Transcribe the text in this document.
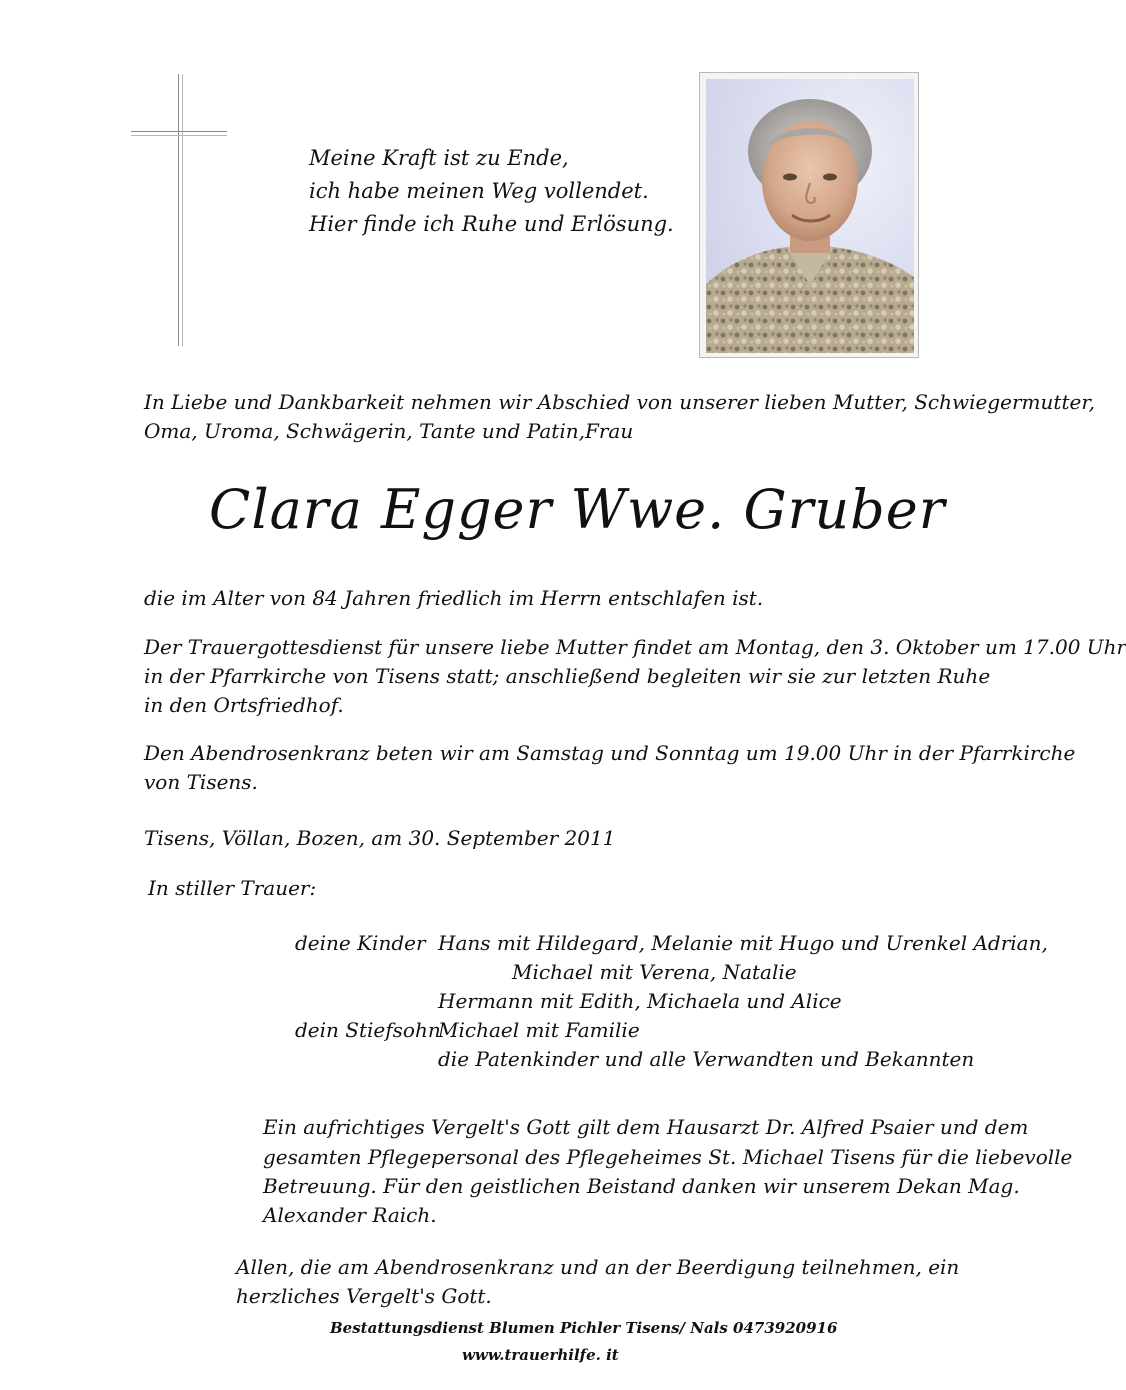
Meine Kraft ist zu Ende,
ich habe meinen Weg vollendet.
Hier finde ich Ruhe und Erlösung.
In Liebe und Dankbarkeit nehmen wir Abschied von unserer lieben Mutter, Schwiegermutter,
Oma, Uroma, Schwägerin, Tante und Patin,Frau
Clara Egger Wwe. Gruber
die im Alter von 84 Jahren friedlich im Herrn entschlafen ist.
Der Trauergottesdienst für unsere liebe Mutter findet am Montag, den 3. Oktober um 17.00 Uhr
in der Pfarrkirche von Tisens statt; anschließend begleiten wir sie zur letzten Ruhe
in den Ortsfriedhof.
Den Abendrosenkranz beten wir am Samstag und Sonntag um 19.00 Uhr in der Pfarrkirche
von Tisens.
Tisens, Völlan, Bozen, am 30. September 2011
In stiller Trauer:
deine Kinder Hans mit Hildegard, Melanie mit Hugo und Urenkel Adrian,
Michael mit Verena, Natalie
Hermann mit Edith, Michaela und Alice
dein Stiefsohn
Michael mit Familie
die Patenkinder und alle Verwandten und Bekannten
Ein aufrichtiges Vergelt's Gott gilt dem Hausarzt Dr. Alfred Psaier und dem
gesamten Pflegepersonal des Pflegeheimes St. Michael Tisens für die liebevolle
Betreuung. Für den geistlichen Beistand danken wir unserem Dekan Mag.
Alexander Raich.
Allen, die am Abendrosenkranz und an der Beerdigung teilnehmen, ein
herzliches Vergelt's Gott.
Bestattungsdienst Blumen Pichler Tisens/ Nals 0473920916
www.trauerhilfe. it
